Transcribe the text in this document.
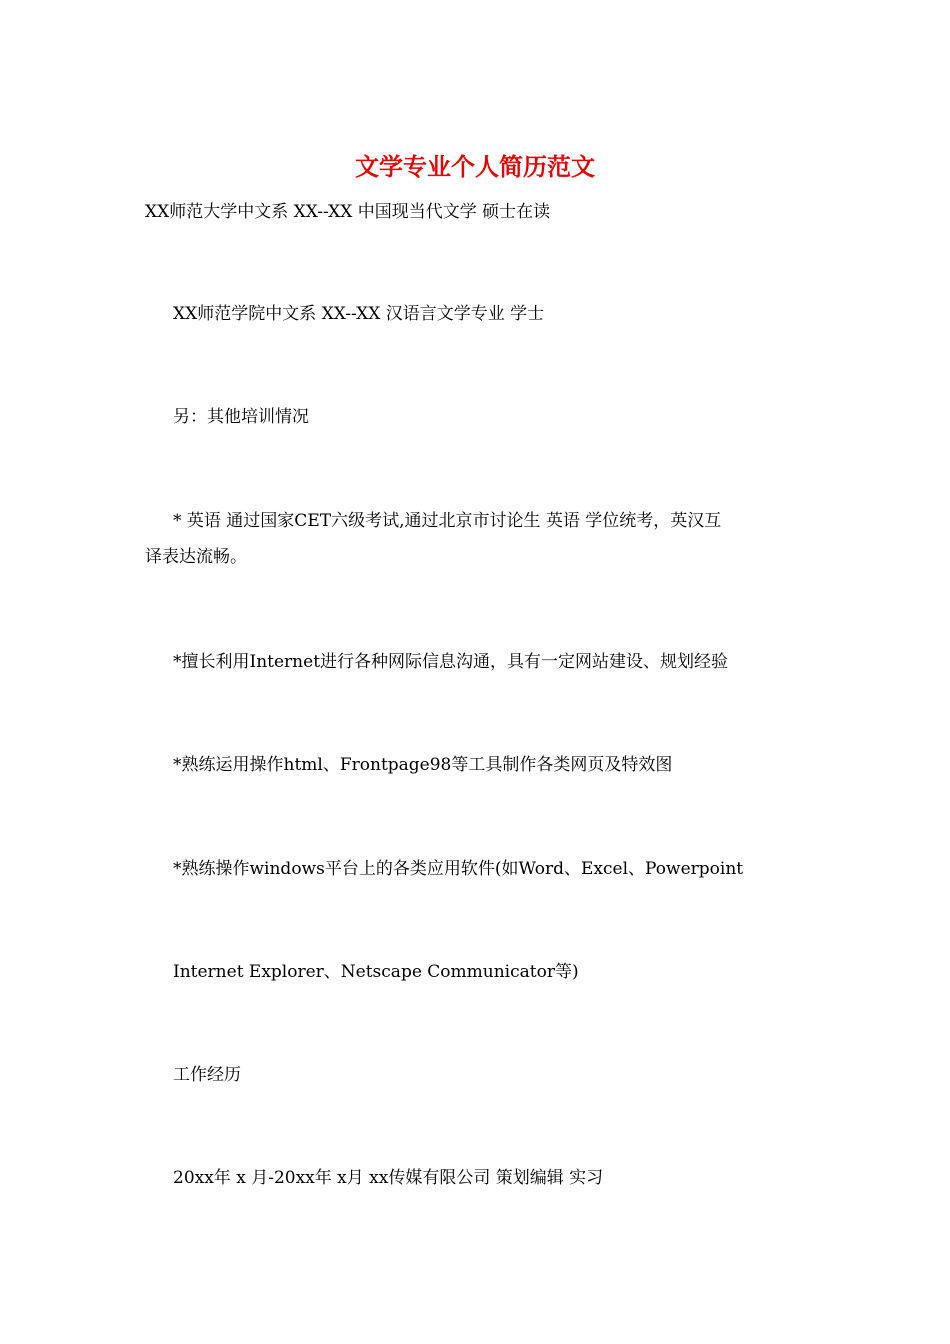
文学专业个人简历范文
XX师范大学中文系 XX--XX 中国现当代文学 硕士在读
XX师范学院中文系 XX--XX 汉语言文学专业 学士
另：其他培训情况
* 英语 通过国家CET六级考试,通过北京市讨论生 英语 学位统考，英汉互
译表达流畅。
*擅长利用Internet进行各种网际信息沟通，具有一定网站建设、规划经验
*熟练运用操作html、Frontpage98等工具制作各类网页及特效图
*熟练操作windows平台上的各类应用软件(如Word、Excel、Powerpoint
Internet Explorer、Netscape Communicator等)
工作经历
20xx年 x 月-20xx年 x月 xx传媒有限公司 策划编辑 实习
